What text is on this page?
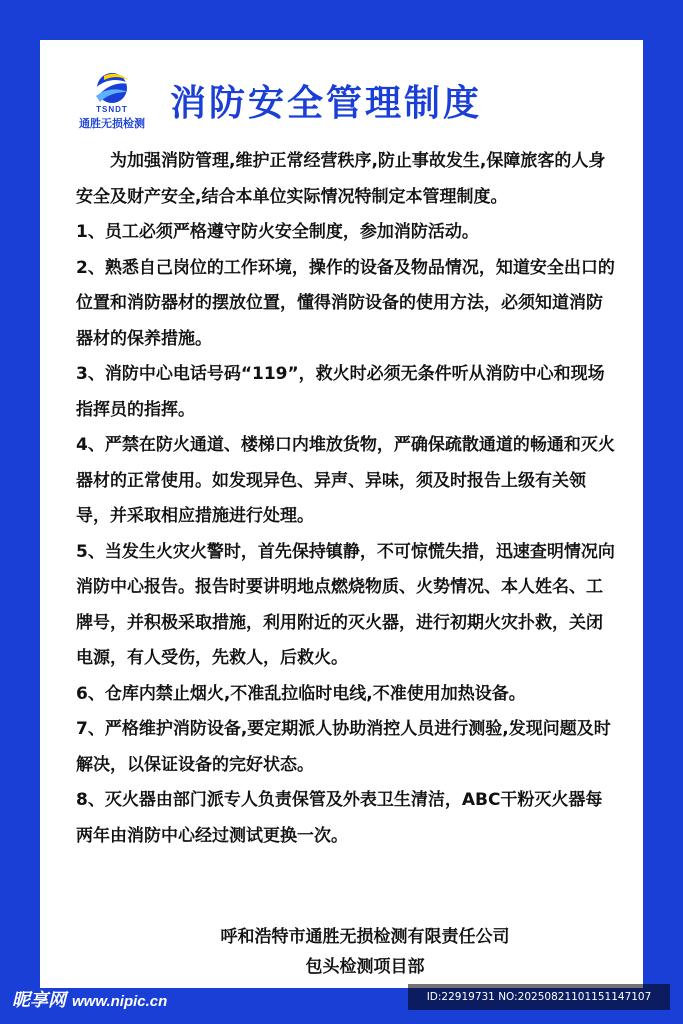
TSNDT
通胜无损检测 消防安全管理制度

为加强消防管理,维护正常经营秩序,防止事故发生,保障旅客的人身安全及财产安全,结合本单位实际情况特制定本管理制度。

1、员工必须严格遵守防火安全制度，参加消防活动。

2、熟悉自己岗位的工作环境，操作的设备及物品情况，知道安全出口的位置和消防器材的摆放位置，懂得消防设备的使用方法，必须知道消防器材的保养措施。

3、消防中心电话号码“119”，救火时必须无条件听从消防中心和现场指挥员的指挥。

4、严禁在防火通道、楼梯口内堆放货物，严确保疏散通道的畅通和灭火器材的正常使用。如发现异色、异声、异味，须及时报告上级有关领导，并采取相应措施进行处理。

5、当发生火灾火警时，首先保持镇静，不可惊慌失措，迅速查明情况向消防中心报告。报告时要讲明地点燃烧物质、火势情况、本人姓名、工牌号，并积极采取措施，利用附近的灭火器，进行初期火灾扑救，关闭电源，有人受伤，先救人，后救火。

6、仓库内禁止烟火,不准乱拉临时电线,不准使用加热设备。

7、严格维护消防设备,要定期派人协助消控人员进行测验,发现问题及时解决，以保证设备的完好状态。

8、灭火器由部门派专人负责保管及外表卫生清洁，ABC干粉灭火器每两年由消防中心经过测试更换一次。

呼和浩特市通胜无损检测有限责任公司
包头检测项目部
昵享网 www.nipic.cn	ID:22919731 NO:20250821101151147107
